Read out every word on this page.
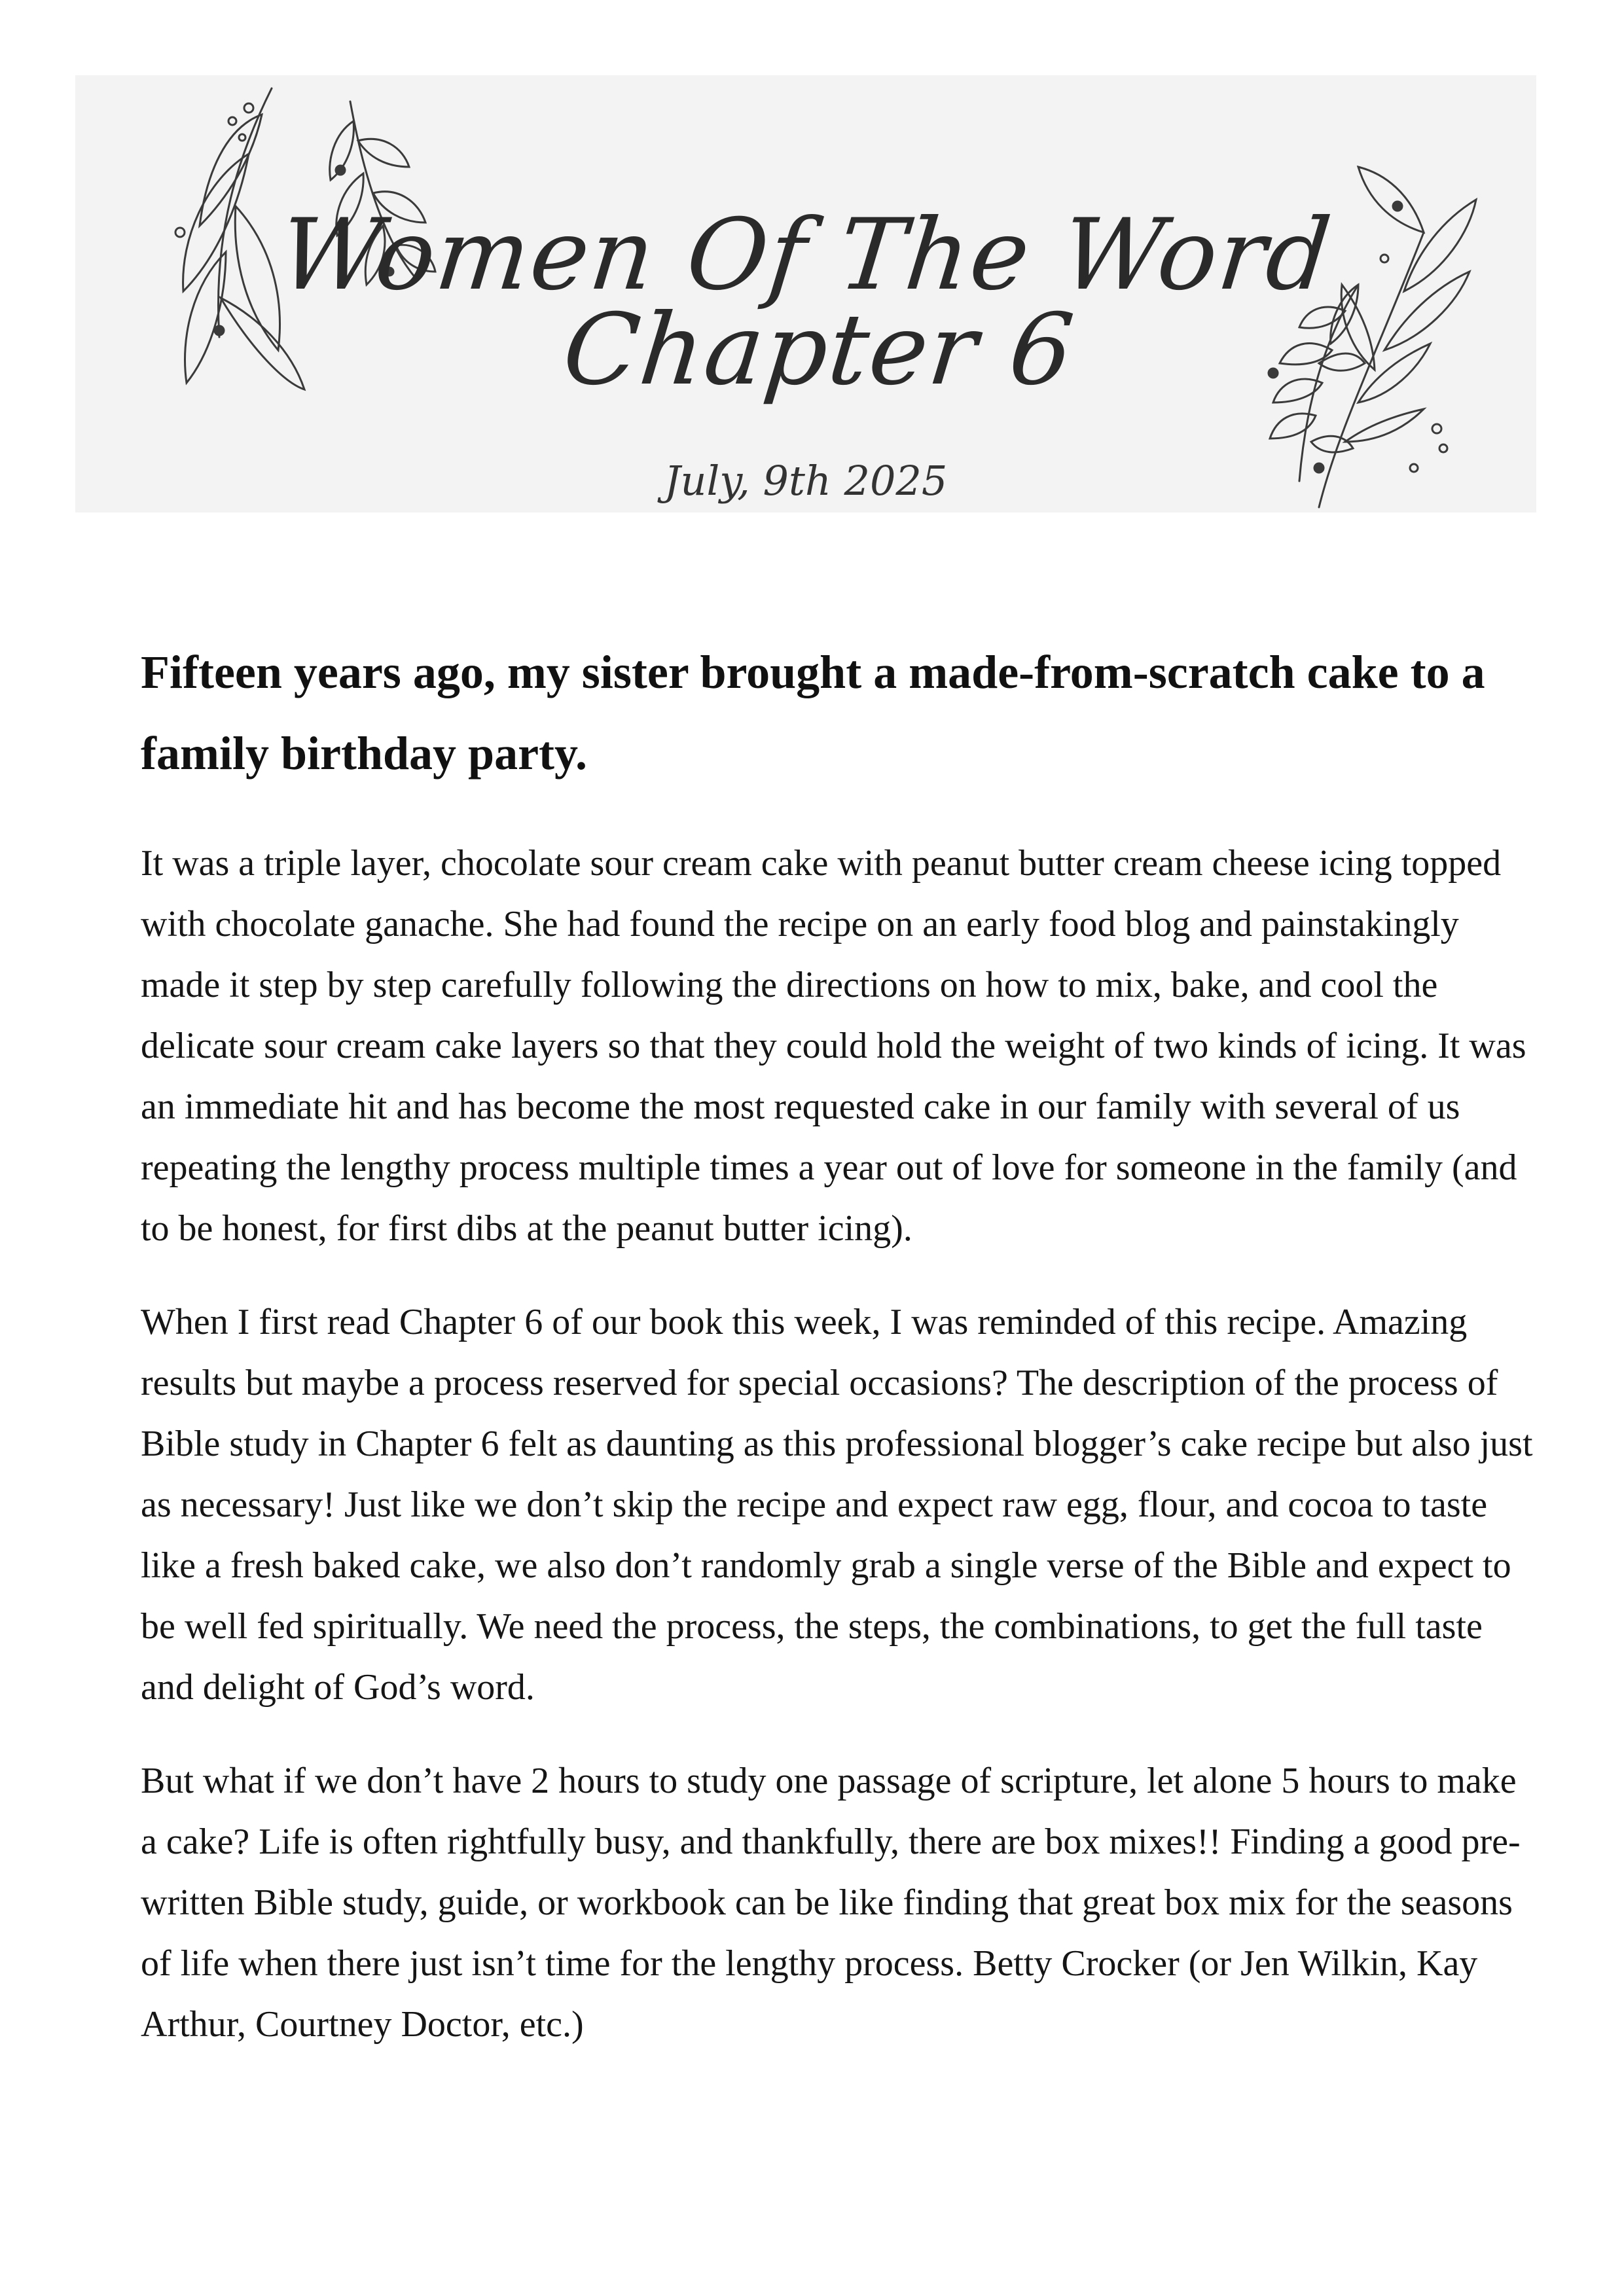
Women Of The Word
Chapter 6
July, 9th 2025
Fifteen years ago, my sister brought a made-from-scratch cake to a family birthday party.

It was a triple layer, chocolate sour cream cake with peanut butter cream cheese icing topped with chocolate ganache. She had found the recipe on an early food blog and painstakingly made it step by step carefully following the directions on how to mix, bake, and cool the delicate sour cream cake layers so that they could hold the weight of two kinds of icing. It was an immediate hit and has become the most requested cake in our family with several of us repeating the lengthy process multiple times a year out of love for someone in the family (and to be honest, for first dibs at the peanut butter icing).

When I first read Chapter 6 of our book this week, I was reminded of this recipe. Amazing results but maybe a process reserved for special occasions? The description of the process of Bible study in Chapter 6 felt as daunting as this professional blogger’s cake recipe but also just as necessary! Just like we don’t skip the recipe and expect raw egg, flour, and cocoa to taste like a fresh baked cake, we also don’t randomly grab a single verse of the Bible and expect to be well fed spiritually. We need the process, the steps, the combinations, to get the full taste and delight of God’s word.

But what if we don’t have 2 hours to study one passage of scripture, let alone 5 hours to make a cake? Life is often rightfully busy, and thankfully, there are box mixes!! Finding a good pre-written Bible study, guide, or workbook can be like finding that great box mix for the seasons of life when there just isn’t time for the lengthy process. Betty Crocker (or Jen Wilkin, Kay Arthur, Courtney Doctor, etc.)
